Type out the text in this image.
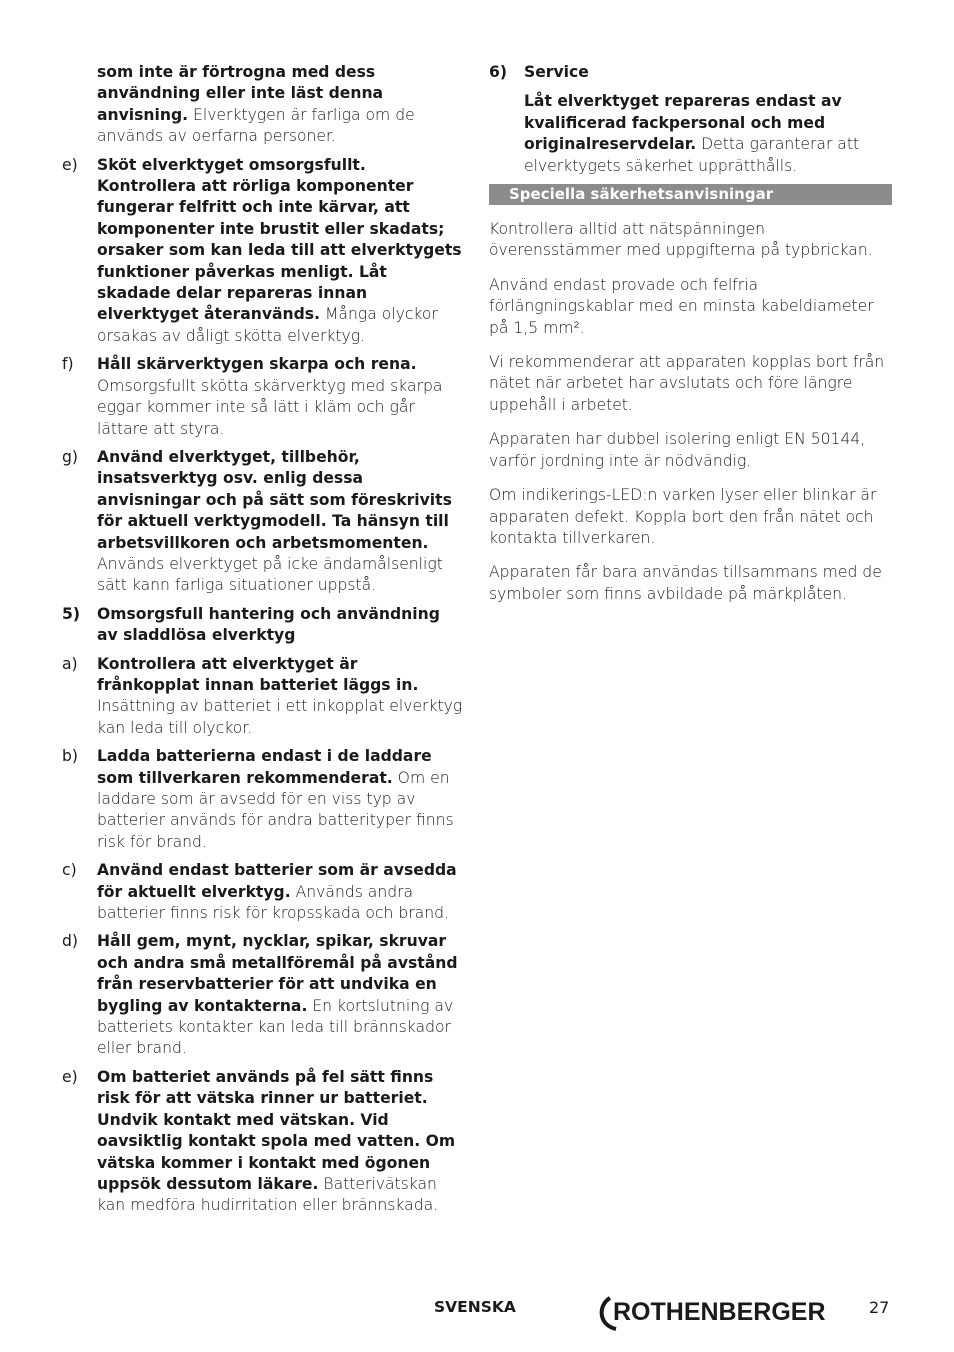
som inte är förtrogna med dess användning eller inte läst denna anvisning. Elverktygen är farliga om de används av oerfarna personer.
e) Sköt elverktyget omsorgsfullt. Kontrollera att rörliga komponenter fungerar felfritt och inte kärvar, att komponenter inte brustit eller skadats; orsaker som kan leda till att elverktygets funktioner påverkas menligt. Låt skadade delar repareras innan elverktyget återanvänds. Många olyckor orsakas av dåligt skötta elverktyg.
f) Håll skärverktygen skarpa och rena. Omsorgsfullt skötta skärverktyg med skarpa eggar kommer inte så lätt i kläm och går lättare att styra.
g) Använd elverktyget, tillbehör, insatsverktyg osv. enlig dessa anvisningar och på sätt som föreskrivits för aktuell verktygmodell. Ta hänsyn till arbetsvillkoren och arbetsmomenten. Används elverktyget på icke ändamålsenligt sätt kann farliga situationer uppstå.
5) Omsorgsfull hantering och användning av sladdlösa elverktyg
a) Kontrollera att elverktyget är frånkopplat innan batteriet läggs in. Insättning av batteriet i ett inkopplat elverktyg kan leda till olyckor.
b) Ladda batterierna endast i de laddare som tillverkaren rekommenderat. Om en laddare som är avsedd för en viss typ av batterier används för andra batterityper finns risk för brand.
c) Använd endast batterier som är avsedda för aktuellt elverktyg. Används andra batterier finns risk för kropsskada och brand.
d) Håll gem, mynt, nycklar, spikar, skruvar och andra små metallföremål på avstånd från reservbatterier för att undvika en bygling av kontakterna. En kortslutning av batteriets kontakter kan leda till brännskador eller brand.
e) Om batteriet används på fel sätt finns risk för att vätska rinner ur batteriet. Undvik kontakt med vätskan. Vid oavsiktlig kontakt spola med vatten. Om vätska kommer i kontakt med ögonen uppsök dessutom läkare. Batterivätskan kan medföra hudirritation eller brännskada.
6) Service
Låt elverktyget repareras endast av kvalificerad fackpersonal och med originalreservdelar. Detta garanterar att elverktygets säkerhet upprätthålls.
Speciella säkerhetsanvisningar

Kontrollera alltid att nätspänningen överensstämmer med uppgifterna på typbrickan.

Använd endast provade och felfria förlängningskablar med en minsta kabeldiameter på 1,5 mm².

Vi rekommenderar att apparaten kopplas bort från nätet när arbetet har avslutats och före längre uppehåll i arbetet.

Apparaten har dubbel isolering enligt EN 50144, varför jordning inte är nödvändig.

Om indikerings-LED:n varken lyser eller blinkar är apparaten defekt. Koppla bort den från nätet och kontakta tillverkaren.

Apparaten får bara användas tillsammans med de symboler som finns avbildade på märkplåten.

SVENSKA	ROTHENBERGER	27
